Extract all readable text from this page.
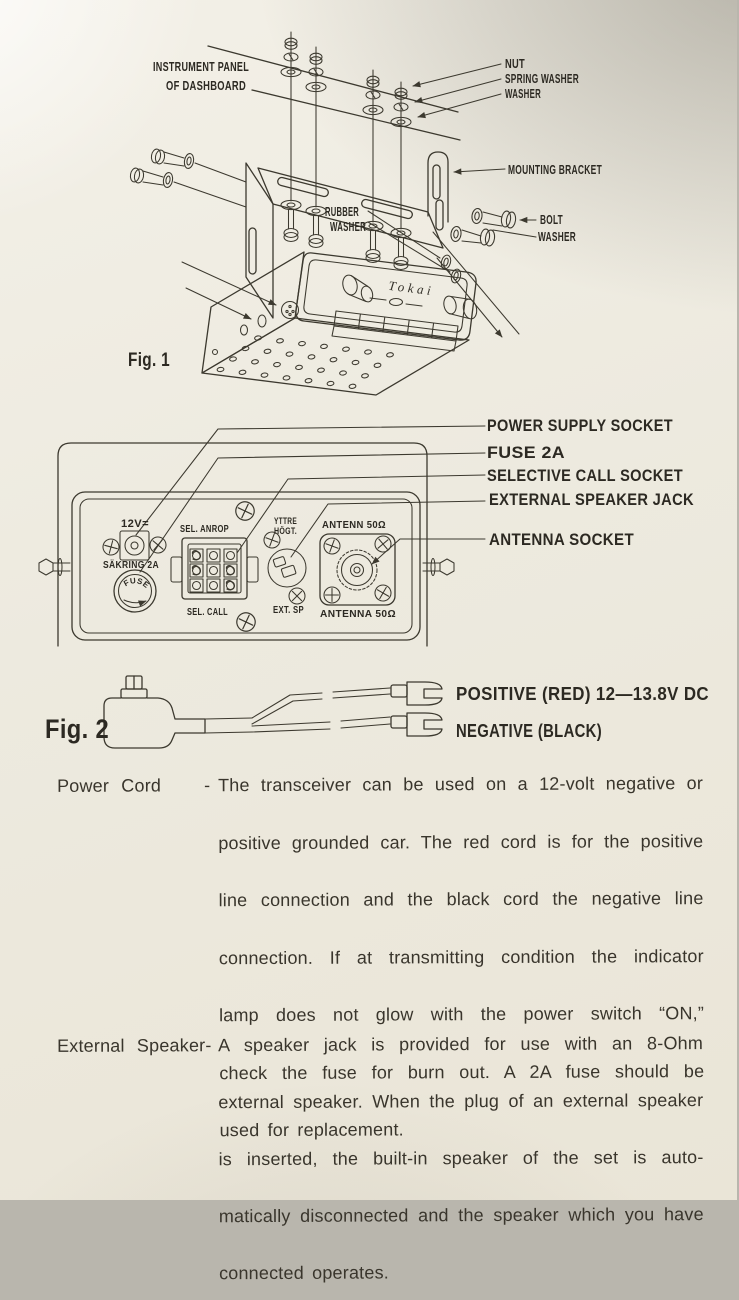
INSTRUMENT PANEL
OF DASHBOARD
NUT
SPRING WASHER
WASHER
MOUNTING BRACKET
RUBBER
WASHER	BOLT
WASHER
Tokai
Fig. 1
POWER SUPPLY SOCKET
FUSE 2A
SELECTIVE CALL SOCKET
EXTERNAL SPEAKER JACK
ANTENNA SOCKET
FUSE
12V=
SÄKRING 2A
SEL. ANROP
SEL. CALL
YTTRE
HÖGT.
EXT. SP
ANTENN 50Ω
ANTENNA 50Ω
POSITIVE (RED) 12—13.8V DC
NEGATIVE (BLACK)
Fig. 2
Power Cord - The transceiver can be used on a 12-volt negative or
positive grounded car. The red cord is for the positive
line connection and the black cord the negative line
connection. If at transmitting condition the indicator
lamp does not glow with the power switch “ON,”
check the fuse for burn out. A 2A fuse should be
used for replacement.
External Speaker- A speaker jack is provided for use with an 8-Ohm
external speaker. When the plug of an external speaker
is inserted, the built-in speaker of the set is auto-
matically disconnected and the speaker which you have
connected operates.
